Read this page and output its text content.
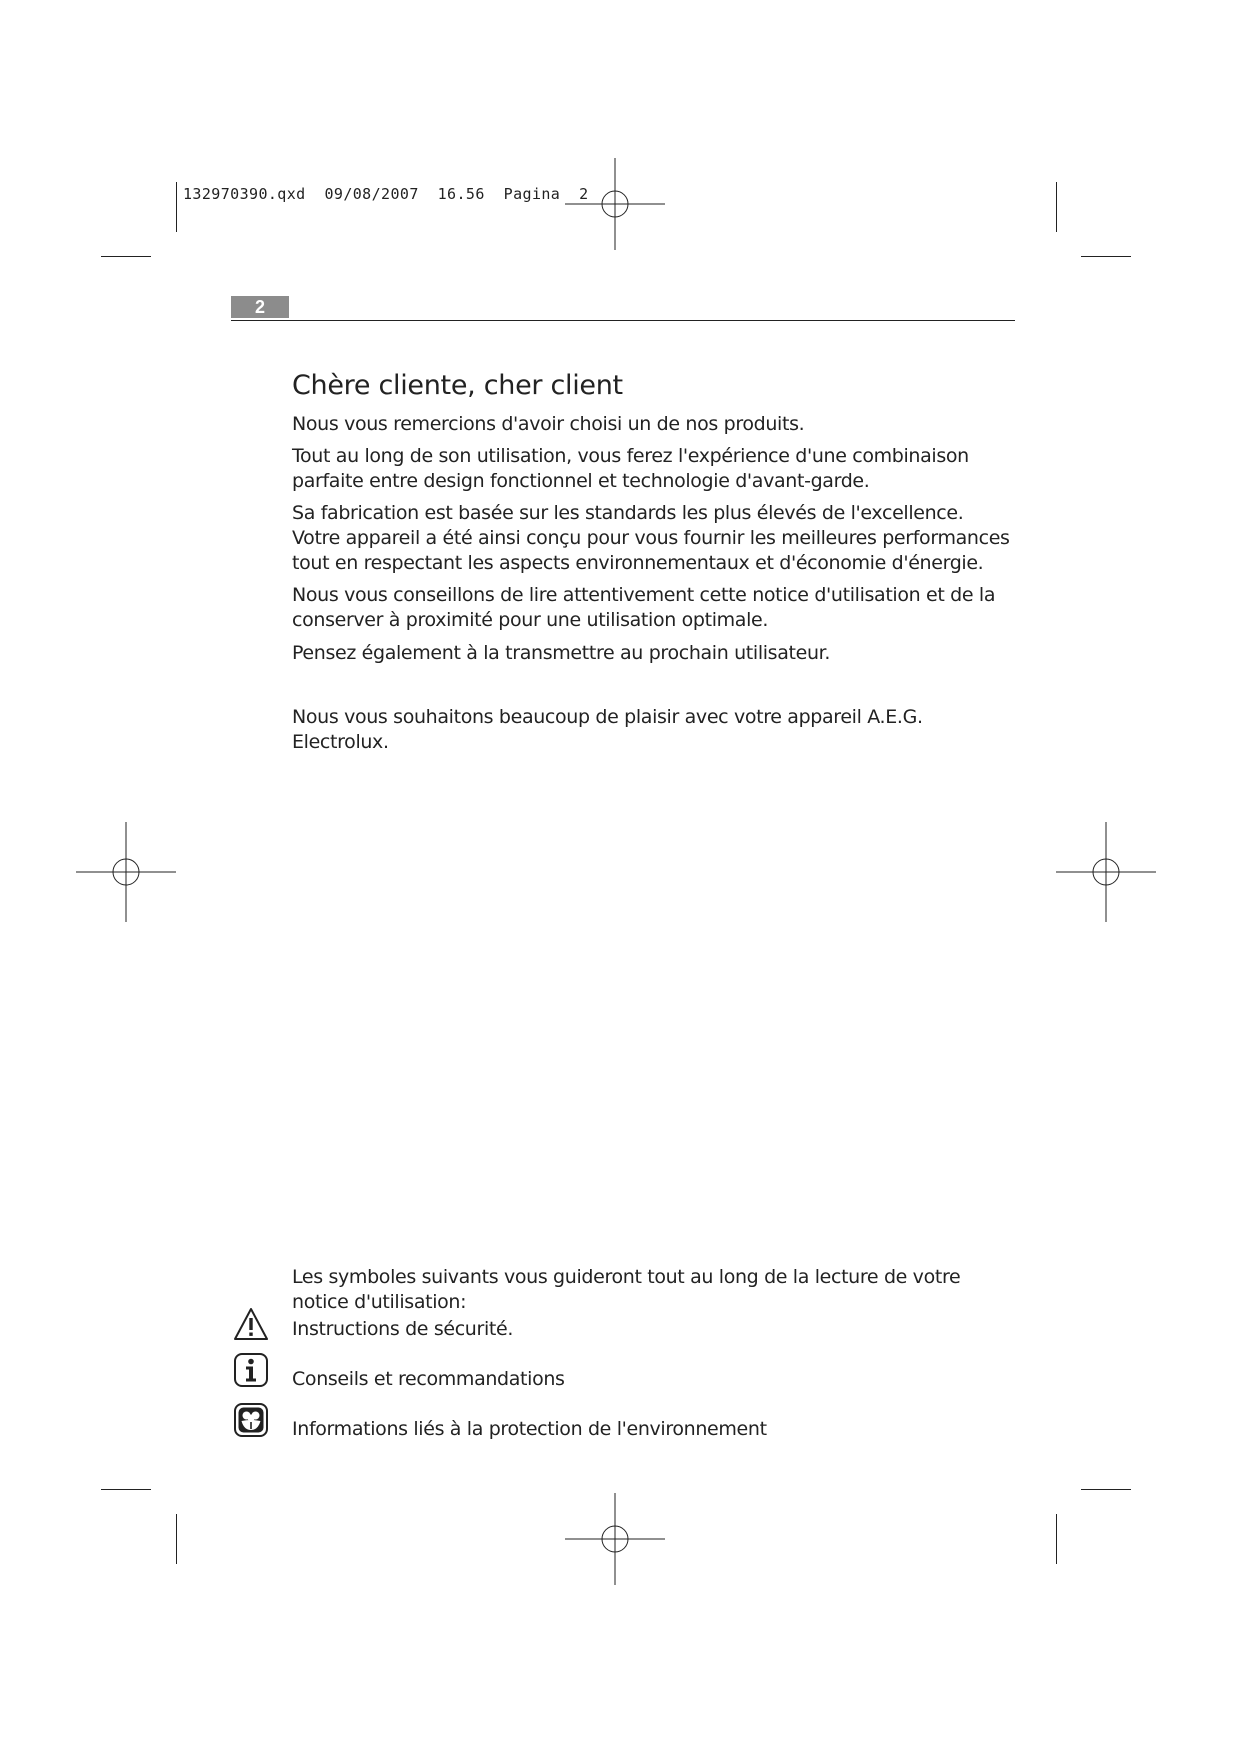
132970390.qxd  09/08/2007  16.56  Pagina  2
2
Chère cliente, cher client

Nous vous remercions d'avoir choisi un de nos produits.

Tout au long de son utilisation, vous ferez l'expérience d'une combinaison parfaite entre design fonctionnel et technologie d'avant-garde.

Sa fabrication est basée sur les standards les plus élevés de l'excellence. Votre appareil a été ainsi conçu pour vous fournir les meilleures performances tout en respectant les aspects environnementaux et d'économie d'énergie.

Nous vous conseillons de lire attentivement cette notice d'utilisation et de la conserver à proximité pour une utilisation optimale.

Pensez également à la transmettre au prochain utilisateur.

Nous vous souhaitons beaucoup de plaisir avec votre appareil A.E.G. Electrolux.

Les symboles suivants vous guideront tout au long de la lecture de votre notice d'utilisation:

Instructions de sécurité.

Conseils et recommandations

Informations liés à la protection de l'environnement
